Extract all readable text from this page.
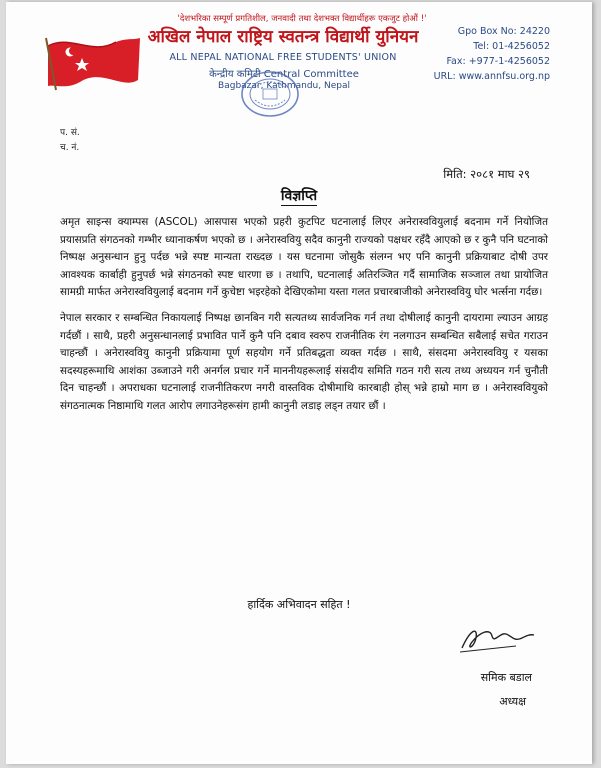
'देशभरिका सम्पूर्ण प्रगतिशील, जनवादी तथा देशभक्त विद्यार्थीहरू एकजुट होऔं !'
अखिल नेपाल राष्ट्रिय स्वतन्त्र विद्यार्थी युनियन
ALL NEPAL NATIONAL FREE STUDENTS' UNION
केन्द्रीय कमिटी Central Committee
Bagbazar, Kathmandu, Nepal
Gpo Box No: 24220
Tel: 01-4256052
Fax: +977-1-4256052
URL: www.annfsu.org.np
प. सं.
च. नं.
मिति: २०८१ माघ २९
विज्ञप्ति

अमृत साइन्स क्याम्पस (ASCOL) आसपास भएको प्रहरी कुटपिट घटनालाई लिएर अनेरास्ववियुलाई बदनाम गर्ने नियोजित प्रयासप्रति संगठनको गम्भीर ध्यानाकर्षण भएको छ । अनेरास्ववियु सदैव कानुनी राज्यको पक्षधर रहँदै आएको छ र कुनै पनि घटनाको निष्पक्ष अनुसन्धान हुनु पर्दछ भन्ने स्पष्ट मान्यता राख्दछ । यस घटनामा जोसुकै संलग्न भए पनि कानुनी प्रक्रियाबाट दोषी उपर आवश्यक कार्बाही हुनुपर्छ भन्ने संगठनको स्पष्ट धारणा छ । तथापि, घटनालाई अतिरञ्जित गर्दै सामाजिक सञ्जाल तथा प्रायोजित सामग्री मार्फत अनेरास्ववियुलाई बदनाम गर्ने कुचेष्टा भइरहेको देखिएकोमा यस्ता गलत प्रचारबाजीको अनेरास्ववियु घोर भर्त्सना गर्दछ।

नेपाल सरकार र सम्बन्धित निकायलाई निष्पक्ष छानबिन गरी सत्यतथ्य सार्वजनिक गर्न तथा दोषीलाई कानुनी दायरामा ल्याउन आग्रह गर्दछौं । साथै, प्रहरी अनुसन्धानलाई प्रभावित पार्ने कुनै पनि दबाव स्वरुप राजनीतिक रंग नलगाउन सम्बन्धित सबैलाई सचेत गराउन चाहन्छौं । अनेरास्ववियु कानुनी प्रक्रियामा पूर्ण सहयोग गर्ने प्रतिबद्धता व्यक्त गर्दछ । साथै, संसदमा अनेरास्ववियु र यसका सदस्यहरूमाथि आशंका उब्जाउने गरी अनर्गल प्रचार गर्ने माननीयहरूलाई संसदीय समिति गठन गरी सत्य तथ्य अध्ययन गर्न चुनौती दिन चाहन्छौं । अपराधका घटनालाई राजनीतिकरण नगरी वास्तविक दोषीमाथि कारबाही होस् भन्ने हाम्रो माग छ । अनेरास्ववियुको संगठनात्मक निष्ठामाथि गलत आरोप लगाउनेहरूसंग हामी कानुनी लडाइ लड्न तयार छौं ।

हार्दिक अभिवादन सहित !
समिक बडाल
अध्यक्ष
